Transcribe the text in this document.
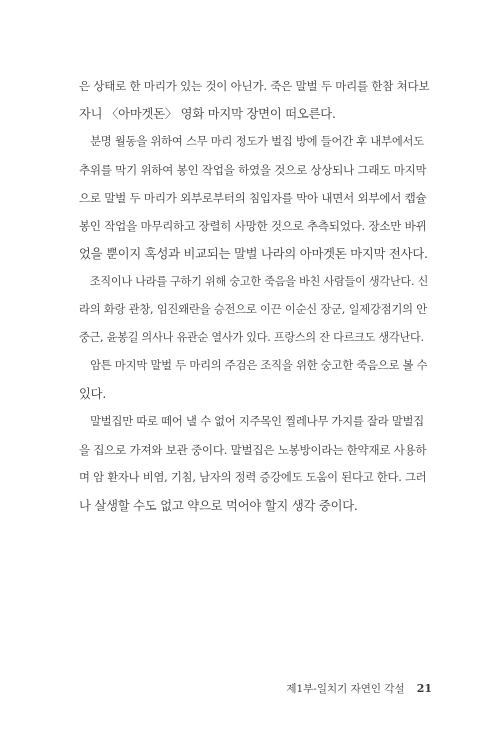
은 상태로 한 마리가 있는 것이 아닌가. 죽은 말벌 두 마리를 한참 쳐다보
자니 〈아마겟돈〉 영화 마지막 장면이 떠오른다.
　분명 월동을 위하여 스무 마리 정도가 벌집 방에 들어간 후 내부에서도
추위를 막기 위하여 봉인 작업을 하였을 것으로 상상되나 그래도 마지막
으로 말벌 두 마리가 외부로부터의 침입자를 막아 내면서 외부에서 캡슐
봉인 작업을 마무리하고 장렬히 사망한 것으로 추측되었다. 장소만 바뀌
었을 뿐이지 혹성과 비교되는 말벌 나라의 아마겟돈 마지막 전사다.
　조직이나 나라를 구하기 위해 숭고한 죽음을 바친 사람들이 생각난다. 신
라의 화랑 관창, 임진왜란을 승전으로 이끈 이순신 장군, 일제강점기의 안
중근, 윤봉길 의사나 유관순 열사가 있다. 프랑스의 잔 다르크도 생각난다.
　암튼 마지막 말벌 두 마리의 주검은 조직을 위한 숭고한 죽음으로 볼 수
있다.
　말벌집만 따로 떼어 낼 수 없어 지주목인 찔레나무 가지를 잘라 말벌집
을 집으로 가져와 보관 중이다. 말벌집은 노봉방이라는 한약재로 사용하
며 암 환자나 비염, 기침, 남자의 정력 증강에도 도움이 된다고 한다. 그러
나 살생할 수도 없고 약으로 먹어야 할지 생각 중이다.
제1부-일치기 자연인 각설 21
